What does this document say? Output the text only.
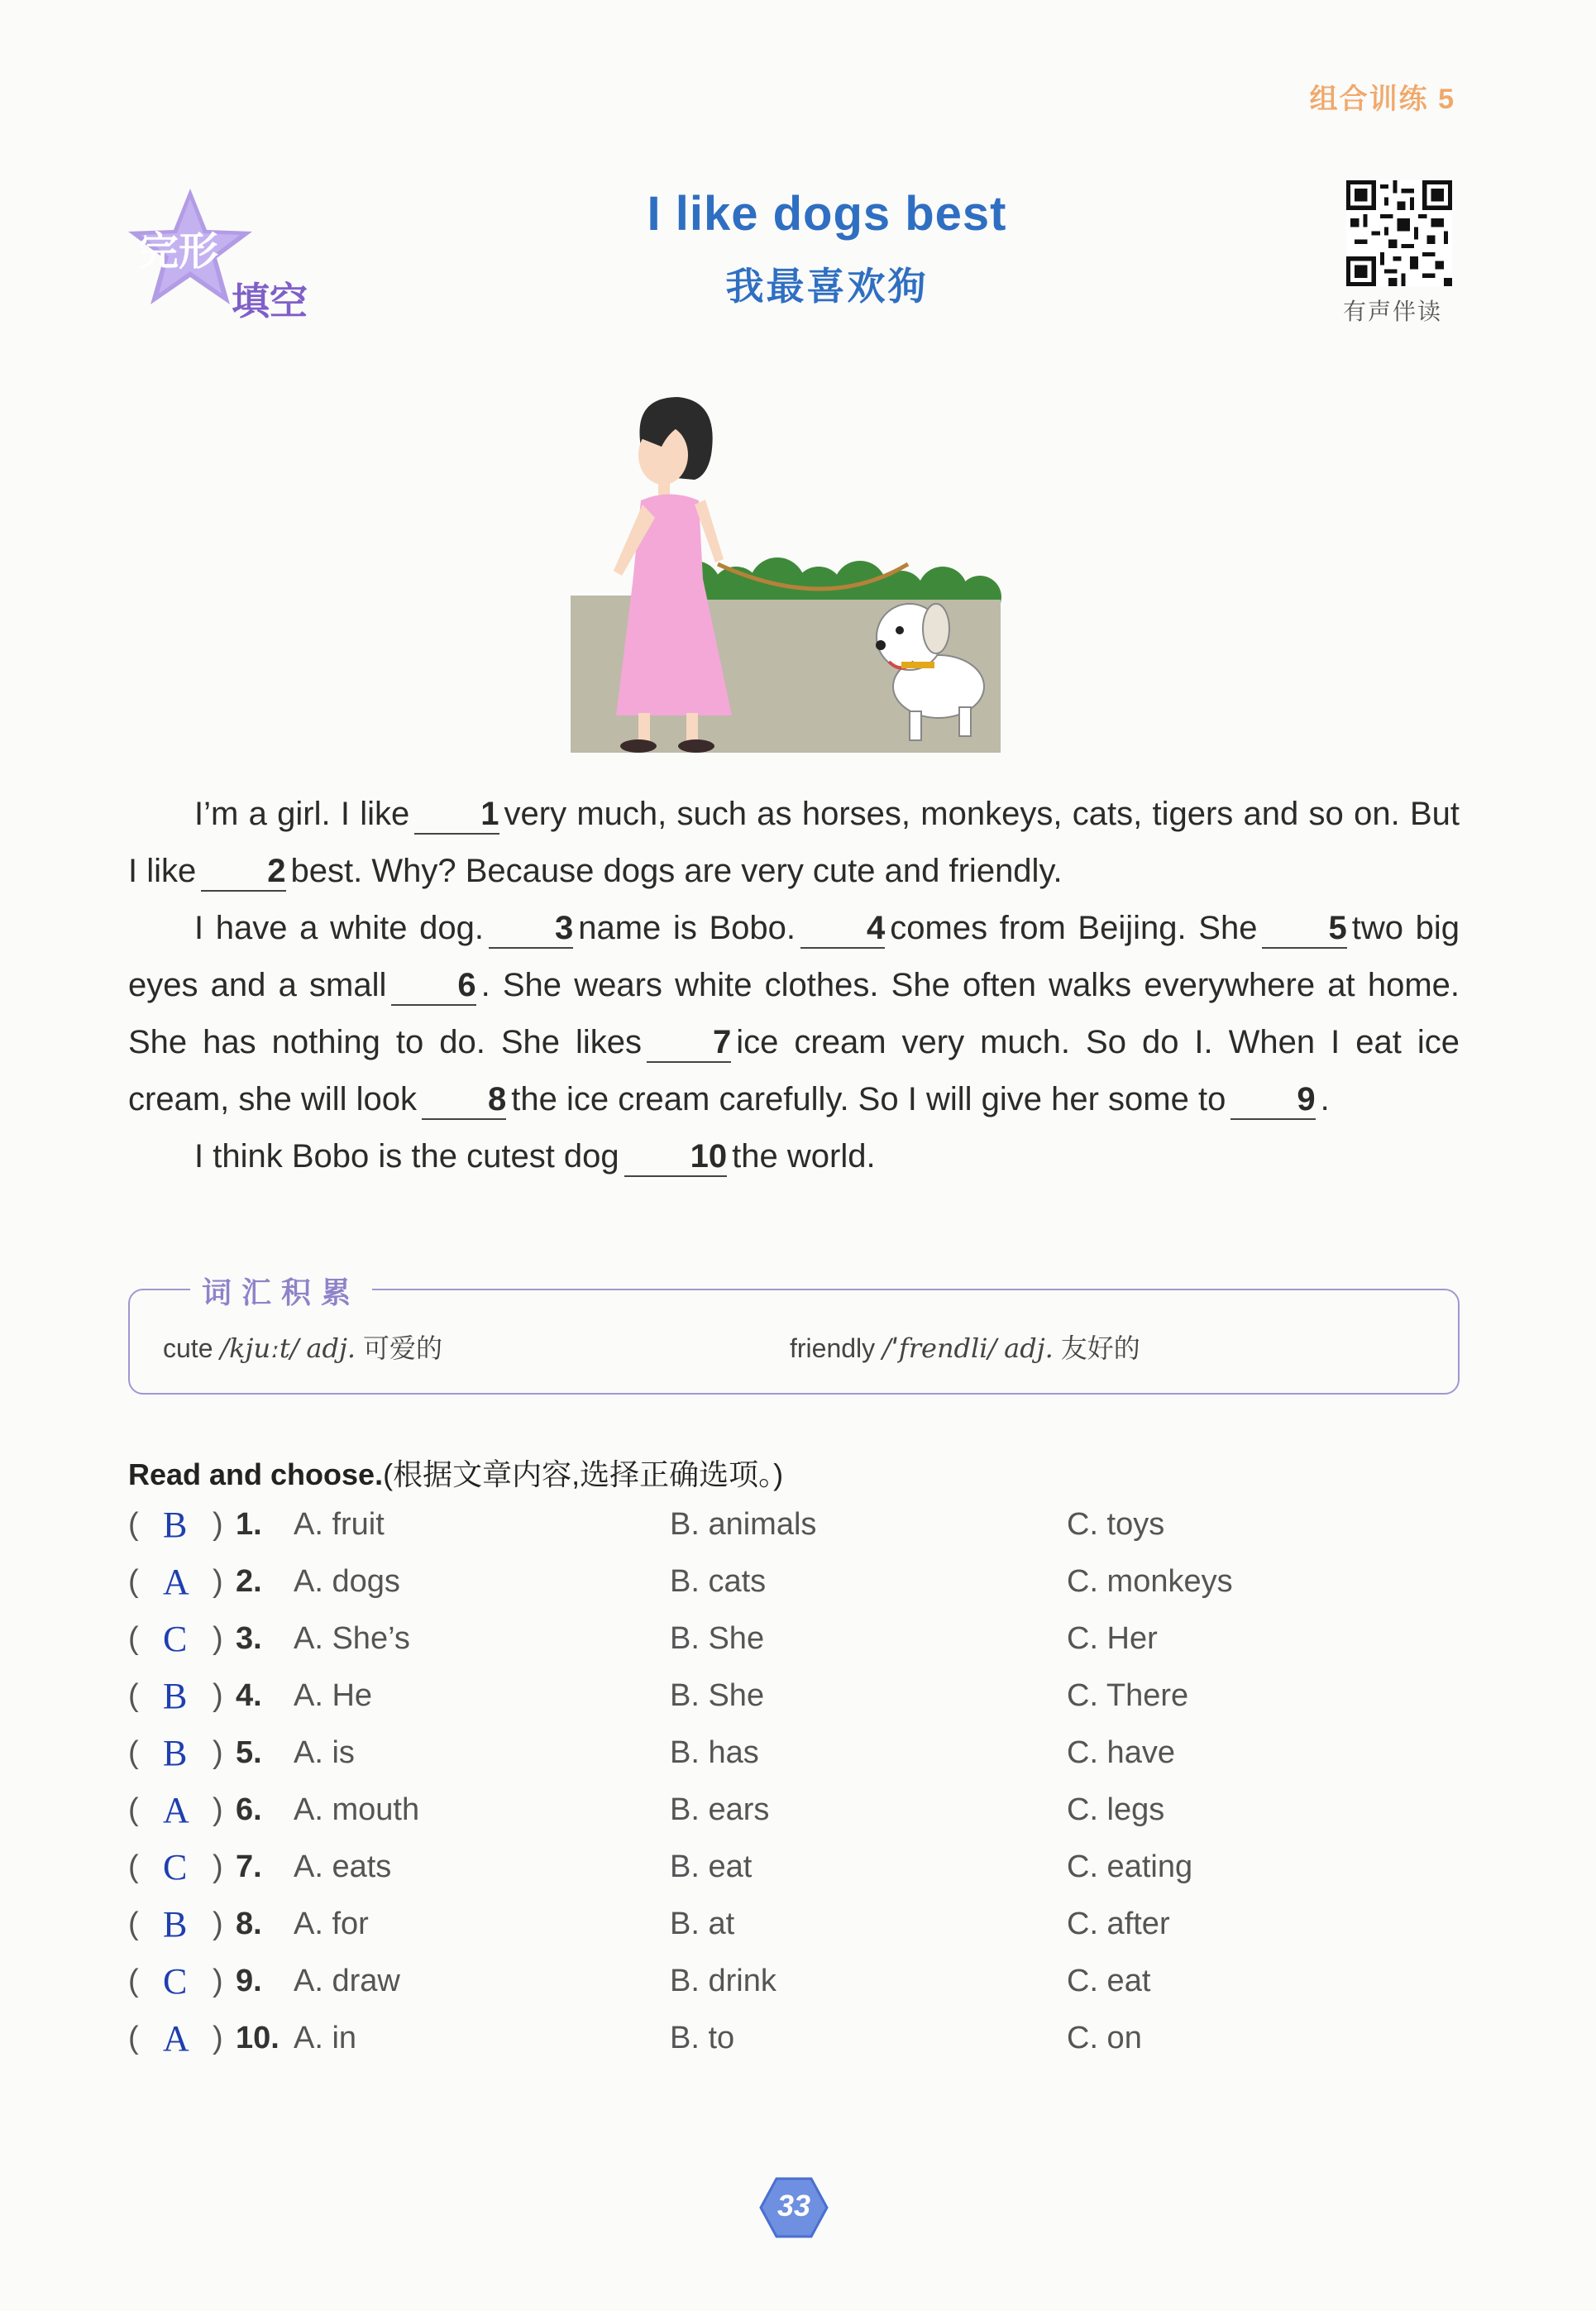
组合训练 5
完形
填空
I like dogs best
我最喜欢狗
有声伴读

I’m a girl. I like 1 very much, such as horses, monkeys, cats, tigers and so on. But I like 2 best. Why? Because dogs are very cute and friendly.

I have a white dog. 3 name is Bobo. 4 comes from Beijing. She 5 two big eyes and a small 6 . She wears white clothes. She often walks everywhere at home. She has nothing to do. She likes 7 ice cream very much. So do I. When I eat ice cream, she will look 8 the ice cream carefully. So I will give her some to 9 .

I think Bobo is the cutest dog 10 the world.

词汇积累
cute /kjuːt/ adj. 可爱的	friendly /ˈfrendli/ adj. 友好的
Read and choose.(根据文章内容,选择正确选项。)
( B ) 1. A. fruit	B. animals	C. toys
( A ) 2. A. dogs	B. cats	C. monkeys
( C ) 3. A. She’s	B. She	C. Her
( B ) 4. A. He	B. She	C. There
( B ) 5. A. is	B. has	C. have
( A ) 6. A. mouth	B. ears	C. legs
( C ) 7. A. eats	B. eat	C. eating
( B ) 8. A. for	B. at	C. after
( C ) 9. A. draw	B. drink	C. eat
( A ) 10. A. in	B. to	C. on
33
